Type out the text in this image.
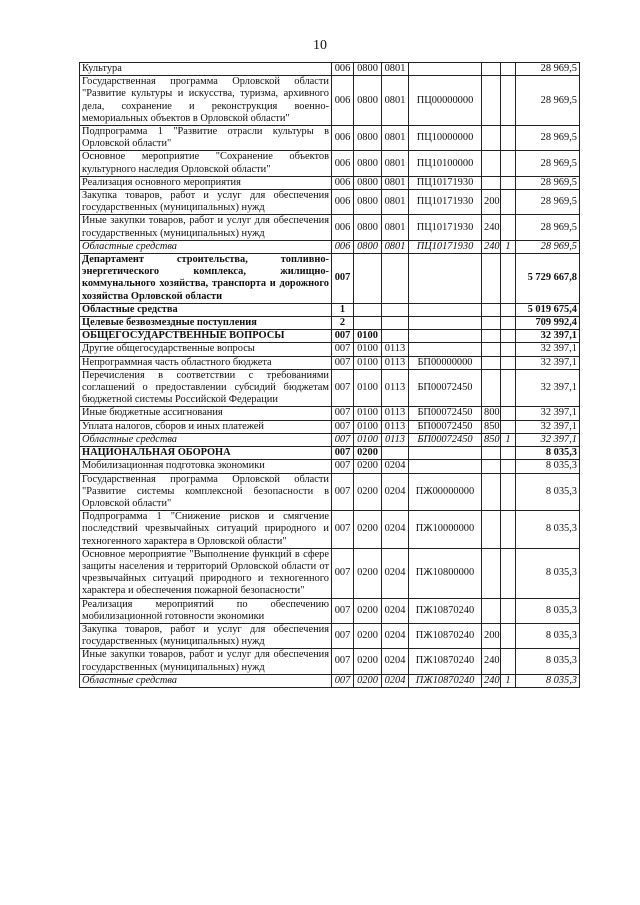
10
Культура	006	0800	0801				28 969,5
Государственная программа Орловской области "Развитие культуры и искусства, туризма, архивного дела, сохранение и реконструкция военно-мемориальных объектов в Орловской области"	006	0800	0801	ПЦ00000000			28 969,5
Подпрограмма 1 "Развитие отрасли культуры в Орловской области"	006	0800	0801	ПЦ10000000			28 969,5
Основное мероприятие "Сохранение объектов культурного наследия Орловской области"	006	0800	0801	ПЦ10100000			28 969,5
Реализация основного мероприятия	006	0800	0801	ПЦ10171930			28 969,5
Закупка товаров, работ и услуг для обеспечения государственных (муниципальных) нужд	006	0800	0801	ПЦ10171930	200		28 969,5
Иные закупки товаров, работ и услуг для обеспечения государственных (муниципальных) нужд	006	0800	0801	ПЦ10171930	240		28 969,5
Областные средства	006	0800	0801	ПЦ10171930	240	1	28 969,5
Департамент строительства, топливно-энергетического комплекса, жилищно-коммунального хозяйства, транспорта и дорожного хозяйства Орловской области	007						5 729 667,8
Областные средства	1						5 019 675,4
Целевые безвозмездные поступления	2						709 992,4
ОБЩЕГОСУДАРСТВЕННЫЕ ВОПРОСЫ	007	0100					32 397,1
Другие общегосударственные вопросы	007	0100	0113				32 397,1
Непрограммная часть областного бюджета	007	0100	0113	БП00000000			32 397,1
Перечисления в соответствии с требованиями соглашений о предоставлении субсидий бюджетам бюджетной системы Российской Федерации	007	0100	0113	БП00072450			32 397,1
Иные бюджетные ассигнования	007	0100	0113	БП00072450	800		32 397,1
Уплата налогов, сборов и иных платежей	007	0100	0113	БП00072450	850		32 397,1
Областные средства	007	0100	0113	БП00072450	850	1	32 397,1
НАЦИОНАЛЬНАЯ ОБОРОНА	007	0200					8 035,3
Мобилизационная подготовка экономики	007	0200	0204				8 035,3
Государственная программа Орловской области "Развитие системы комплексной безопасности в Орловской области"	007	0200	0204	ПЖ00000000			8 035,3
Подпрограмма 1 "Снижение рисков и смягчение последствий чрезвычайных ситуаций природного и техногенного характера в Орловской области"	007	0200	0204	ПЖ10000000			8 035,3
Основное мероприятие "Выполнение функций в сфере защиты населения и территорий Орловской области от чрезвычайных ситуаций природного и техногенного характера и обеспечения пожарной безопасности"	007	0200	0204	ПЖ10800000			8 035,3
Реализация мероприятий по обеспечению мобилизационной готовности экономики	007	0200	0204	ПЖ10870240			8 035,3
Закупка товаров, работ и услуг для обеспечения государственных (муниципальных) нужд	007	0200	0204	ПЖ10870240	200		8 035,3
Иные закупки товаров, работ и услуг для обеспечения государственных (муниципальных) нужд	007	0200	0204	ПЖ10870240	240		8 035,3
Областные средства	007	0200	0204	ПЖ10870240	240	1	8 035,3
